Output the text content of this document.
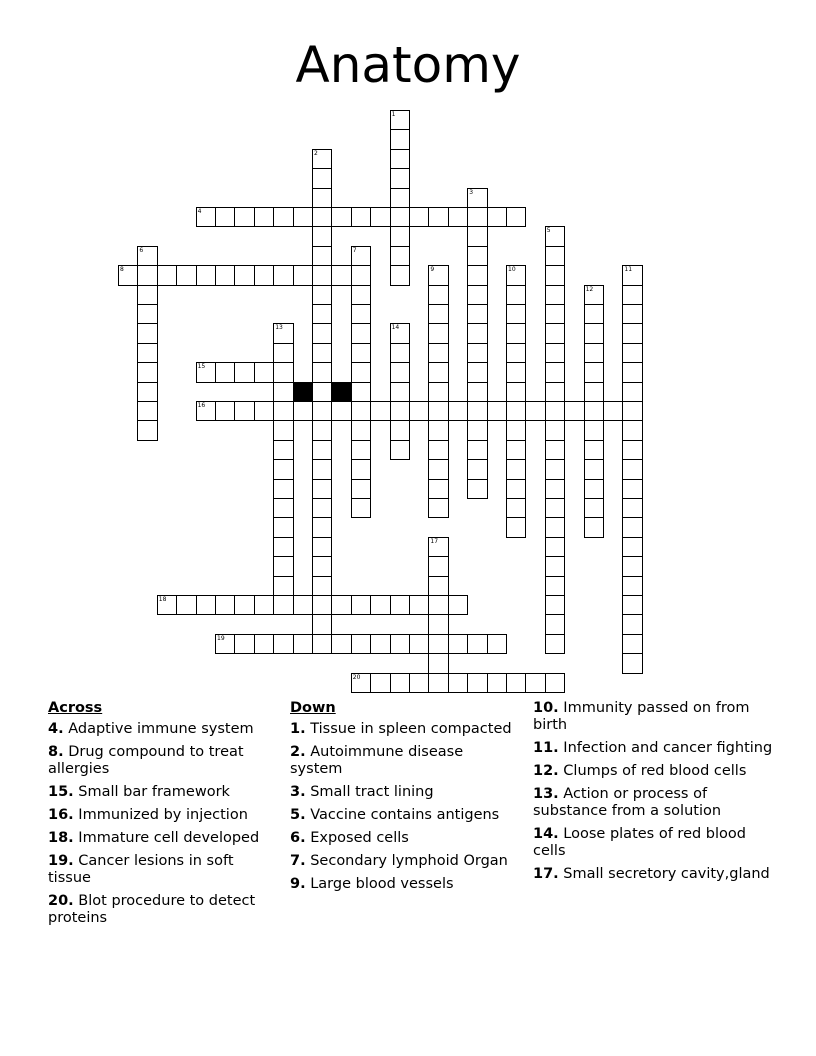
Anatomy
1
2
3
4
5
6	7
8	9	10	11
12
13	14
15
16
17
18
19
20
Across
4. Adaptive immune system
8. Drug compound to treat allergies
15. Small bar framework
16. Immunized by injection
18. Immature cell developed
19. Cancer lesions in soft tissue
20. Blot procedure to detect proteins
Down
1. Tissue in spleen compacted
2. Autoimmune disease system
3. Small tract lining
5. Vaccine contains antigens
6. Exposed cells
7. Secondary lymphoid Organ
9. Large blood vessels
10. Immunity passed on from birth
11. Infection and cancer fighting
12. Clumps of red blood cells
13. Action or process of substance from a solution
14. Loose plates of red blood cells
17. Small secretory cavity,gland
